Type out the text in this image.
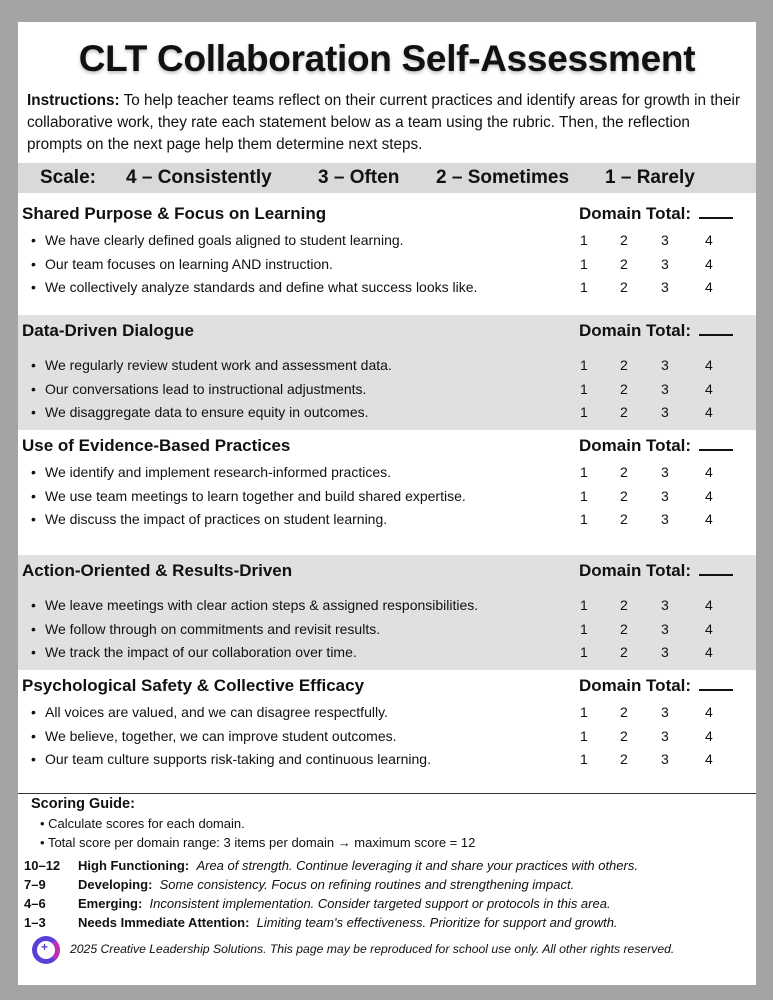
CLT Collaboration Self-Assessment
Instructions: To help teacher teams reflect on their current practices and identify areas for growth in their collaborative work, they rate each statement below as a team using the rubric. Then, the reflection prompts on the next page help them determine next steps.
Scale: 4 – Consistently 3 – Often 2 – Sometimes 1 – Rarely
Shared Purpose & Focus on Learning	Domain Total:
• We have clearly defined goals aligned to student learning.	1 2 3	4
• Our team focuses on learning AND instruction.	1 2 3	4
• We collectively analyze standards and define what success looks like.	1 2 3	4
Data-Driven Dialogue	Domain Total:
• We regularly review student work and assessment data.	1 2 3	4
• Our conversations lead to instructional adjustments.	1 2 3	4
• We disaggregate data to ensure equity in outcomes.	1 2 3	4
Use of Evidence-Based Practices	Domain Total:
• We identify and implement research-informed practices.	1 2 3	4
• We use team meetings to learn together and build shared expertise.	1 2 3	4
• We discuss the impact of practices on student learning.	1 2 3	4
Action-Oriented & Results-Driven	Domain Total:
• We leave meetings with clear action steps & assigned responsibilities.	1 2 3	4
• We follow through on commitments and revisit results.	1 2 3	4
• We track the impact of our collaboration over time.	1 2 3	4
Psychological Safety & Collective Efficacy	Domain Total:
• All voices are valued, and we can disagree respectfully.	1 2 3	4
• We believe, together, we can improve student outcomes.	1 2 3	4
• Our team culture supports risk-taking and continuous learning.	1 2 3	4
Scoring Guide:
• Calculate scores for each domain.
• Total score per domain range: 3 items per domain → maximum score = 12
10–12 High Functioning: Area of strength. Continue leveraging it and share your practices with others.
7–9 Developing: Some consistency. Focus on refining routines and strengthening impact.
4–6 Emerging: Inconsistent implementation. Consider targeted support or protocols in this area.
1–3 Needs Immediate Attention: Limiting team's effectiveness. Prioritize for support and growth.
+
2025 Creative Leadership Solutions. This page may be reproduced for school use only. All other rights reserved.
